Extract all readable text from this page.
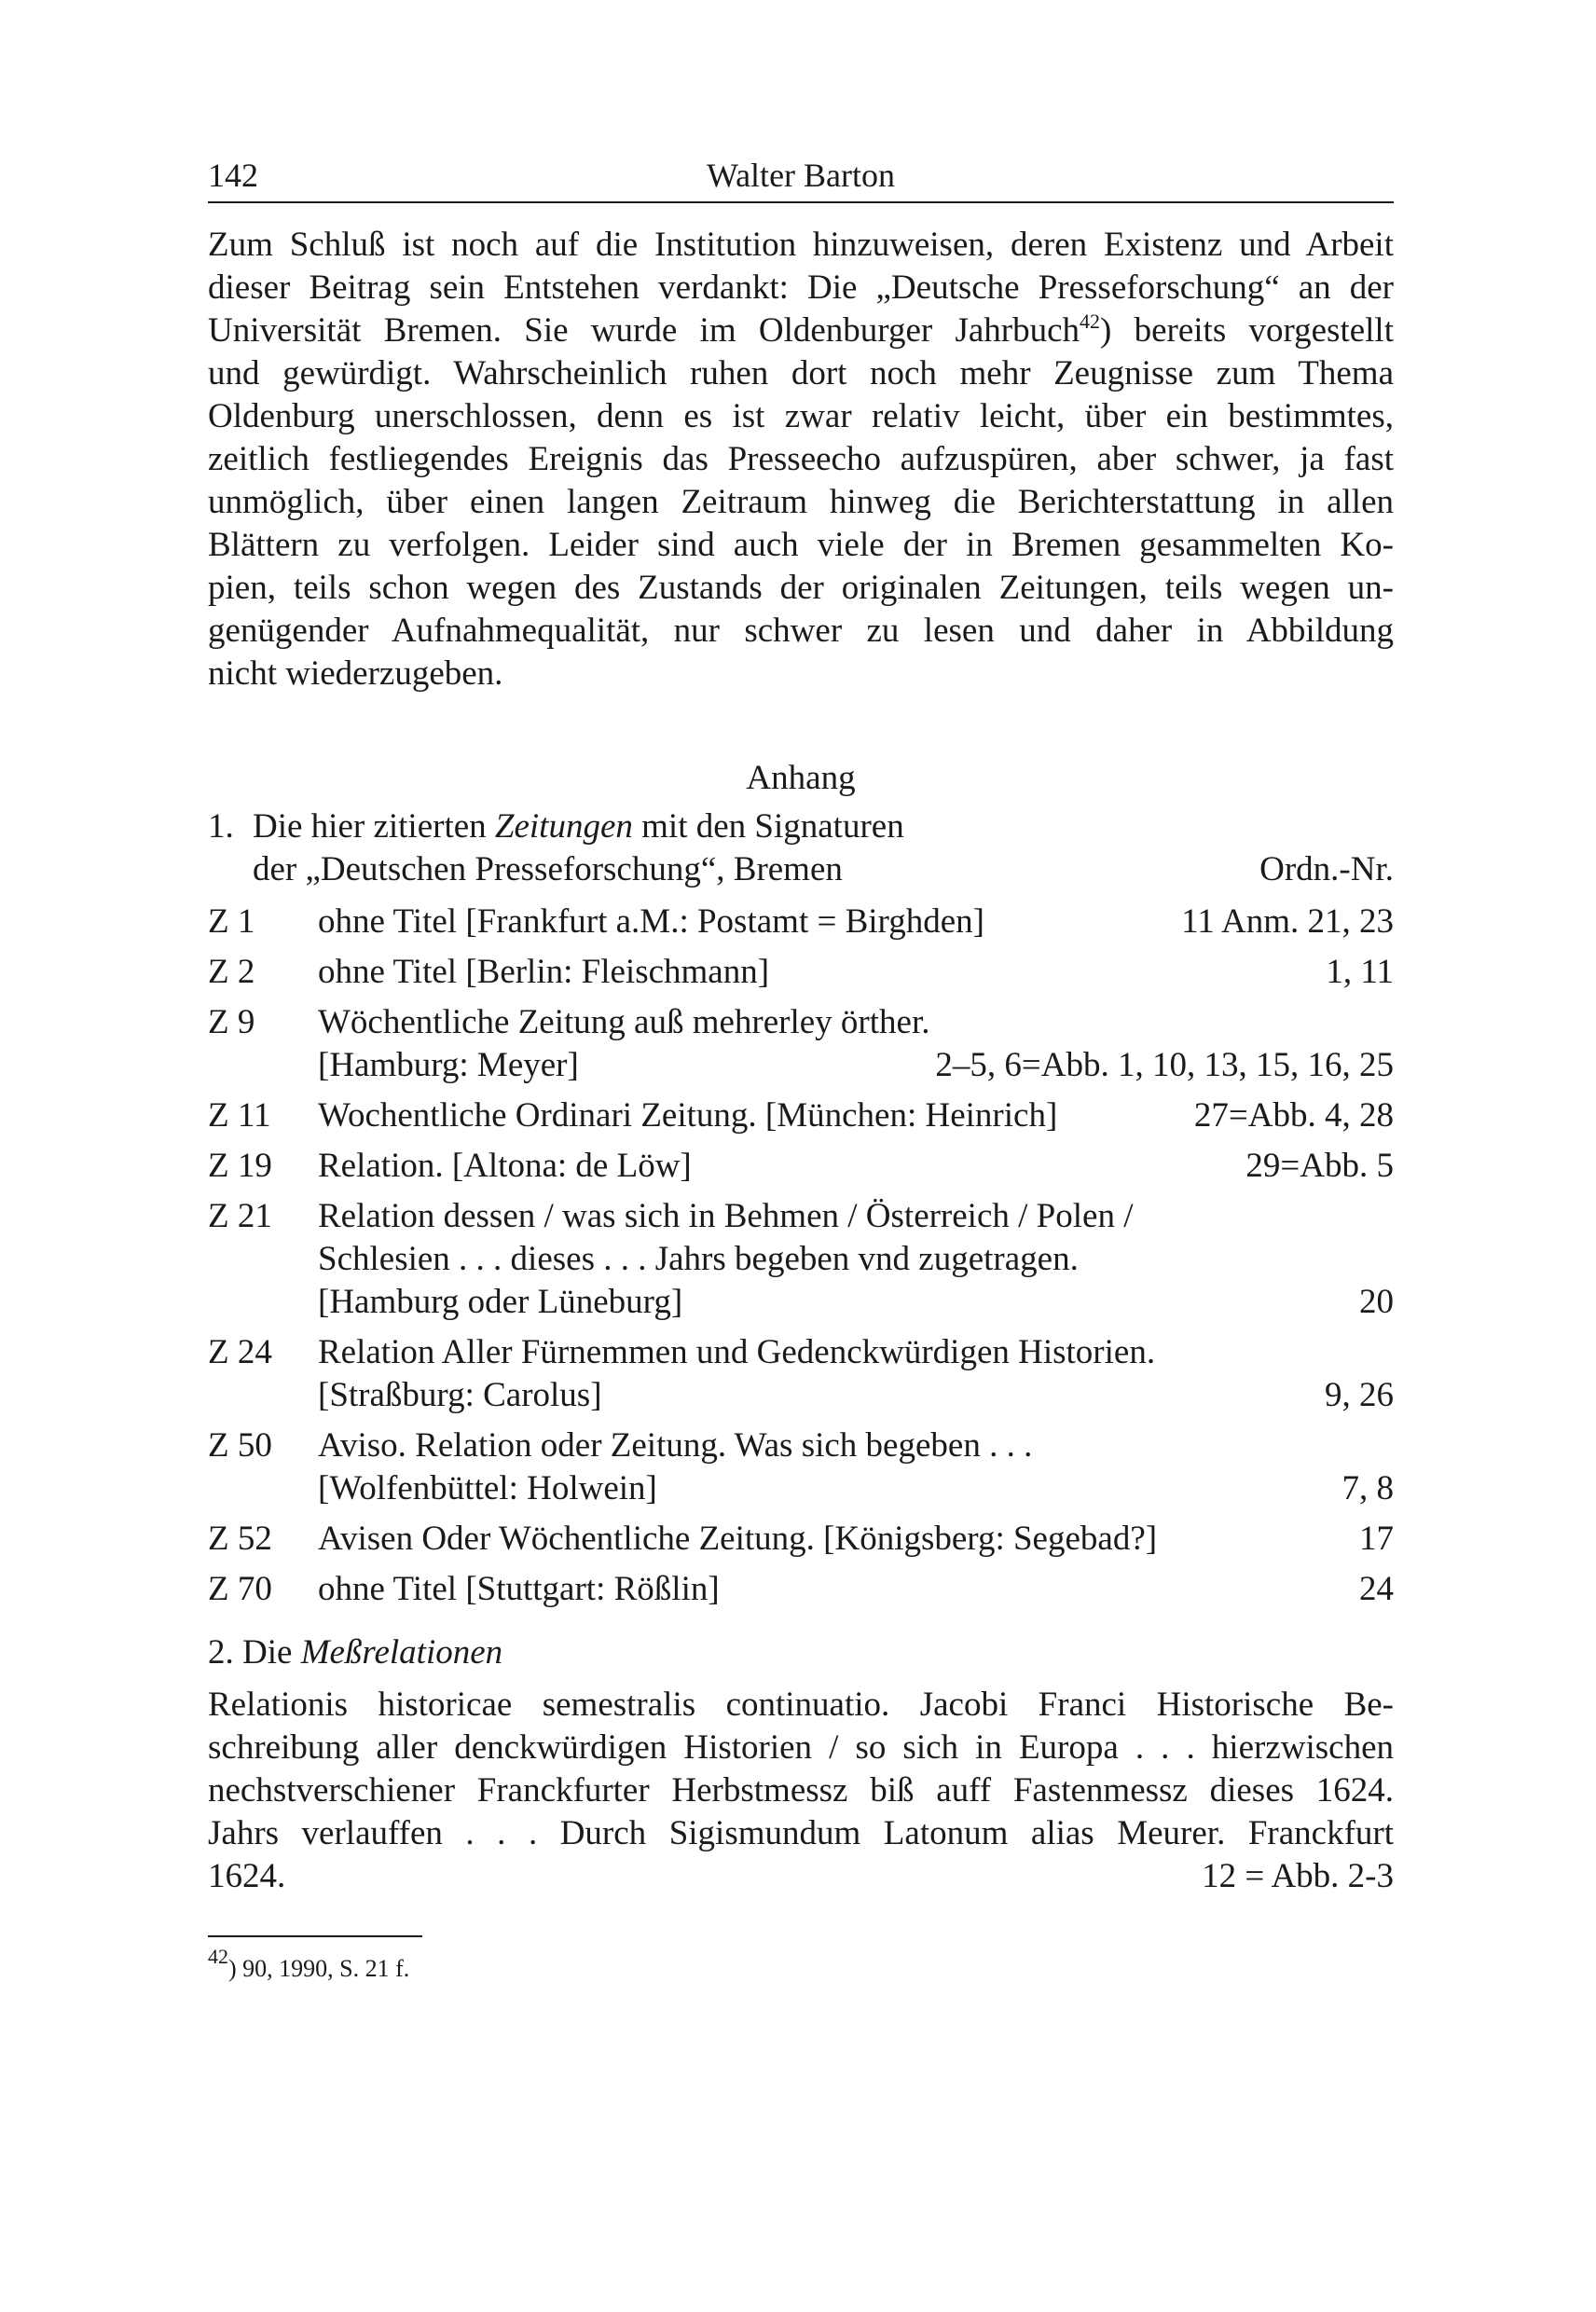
142	Walter Barton
Zum Schluß ist noch auf die Institution hinzuweisen, deren Existenz und Arbeit
dieser Beitrag sein Entstehen verdankt: Die „Deutsche Presseforschung“ an der
Universität Bremen. Sie wurde im Oldenburger Jahrbuch$^{42}$) bereits vorgestellt
und gewürdigt. Wahrscheinlich ruhen dort noch mehr Zeugnisse zum Thema
Oldenburg unerschlossen, denn es ist zwar relativ leicht, über ein bestimmtes,
zeitlich festliegendes Ereignis das Presseecho aufzuspüren, aber schwer, ja fast
unmöglich, über einen langen Zeitraum hinweg die Berichterstattung in allen
Blättern zu verfolgen. Leider sind auch viele der in Bremen gesammelten Ko-
pien, teils schon wegen des Zustands der originalen Zeitungen, teils wegen un-
genügender Aufnahmequalität, nur schwer zu lesen und daher in Abbildung
nicht wiederzugeben.
Anhang
1. Die hier zitierten Zeitungen mit den Signaturen
der „Deutschen Presseforschung“, Bremen	Ordn.-Nr.
Z 1 ohne Titel [Frankfurt a.M.: Postamt = Birghden]	11 Anm. 21, 23
Z 2 ohne Titel [Berlin: Fleischmann]	1, 11
Z 9 Wöchentliche Zeitung auß mehrerley örther.
[Hamburg: Meyer]	2–5, 6=Abb. 1, 10, 13, 15, 16, 25
Z 11 Wochentliche Ordinari Zeitung. [München: Heinrich]	27=Abb. 4, 28
Z 19 Relation. [Altona: de Löw]	29=Abb. 5
Z 21 Relation dessen / was sich in Behmen / Österreich / Polen /
Schlesien . . . dieses . . . Jahrs begeben vnd zugetragen.
[Hamburg oder Lüneburg]	20
Z 24 Relation Aller Fürnemmen und Gedenckwürdigen Historien.
[Straßburg: Carolus]	9, 26
Z 50 Aviso. Relation oder Zeitung. Was sich begeben . . .
[Wolfenbüttel: Holwein]	7, 8
Z 52 Avisen Oder Wöchentliche Zeitung. [Königsberg: Segebad?]	17
Z 70 ohne Titel [Stuttgart: Rößlin]	24
2. Die Meßrelationen
Relationis historicae semestralis continuatio. Jacobi Franci Historische Be-
schreibung aller denckwürdigen Historien / so sich in Europa . . . hierzwischen
nechstverschiener Franckfurter Herbstmessz biß auff Fastenmessz dieses 1624.
Jahrs verlauffen . . . Durch Sigismundum Latonum alias Meurer. Franckfurt
1624.	12 = Abb. 2-3
$^{42}$) 90, 1990, S. 21 f.
